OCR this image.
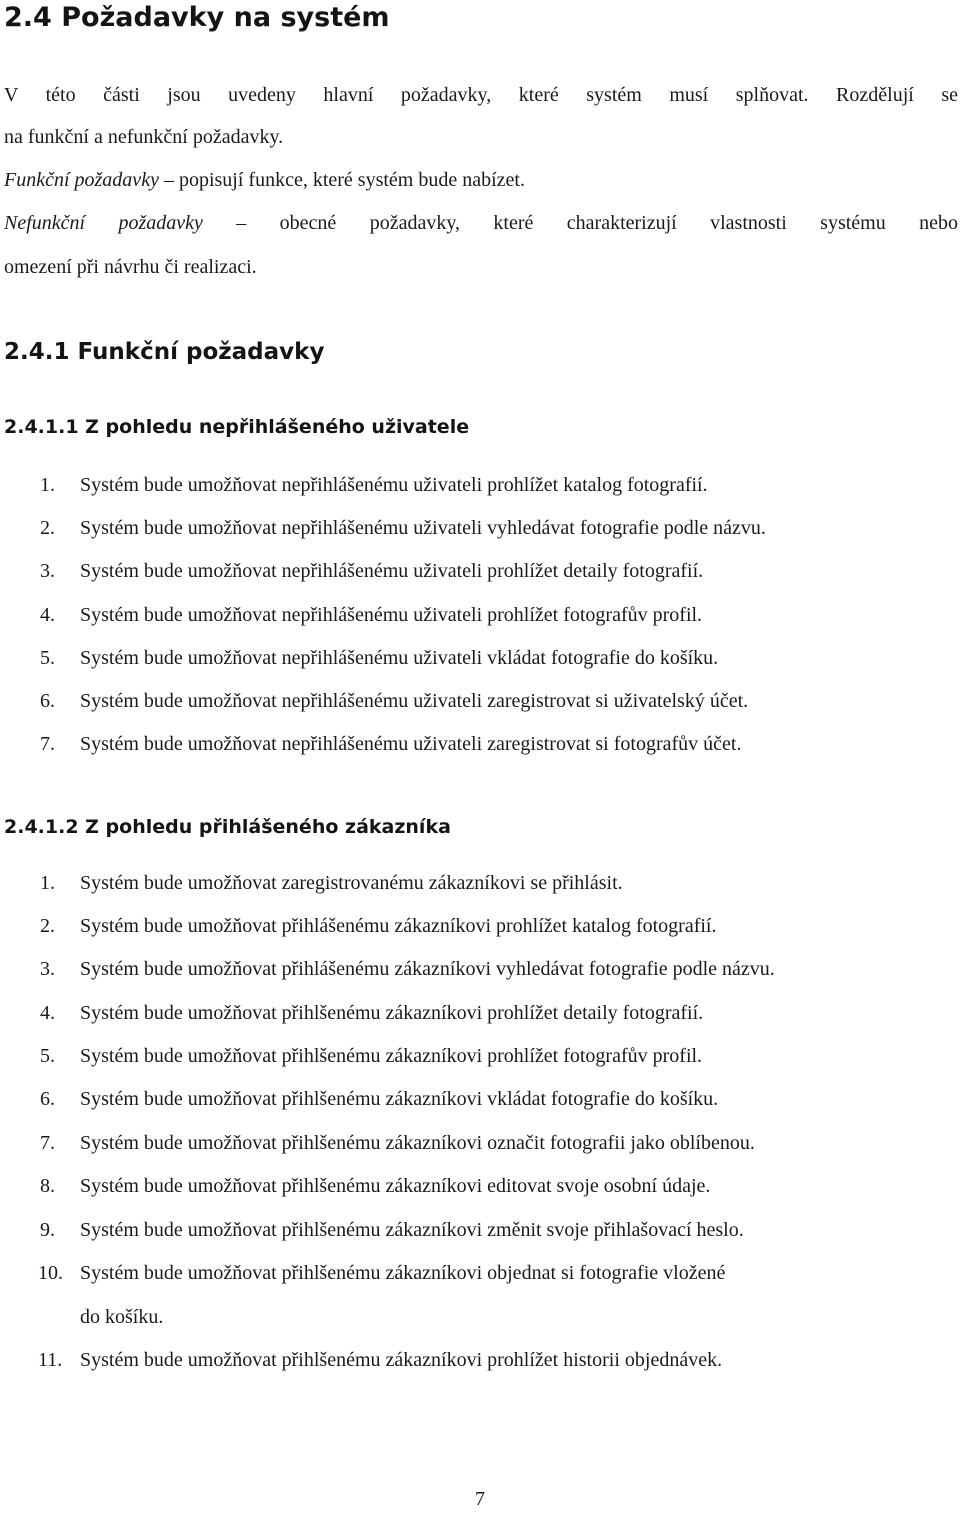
2.4 Požadavky na systém
V této části jsou uvedeny hlavní požadavky, které systém musí splňovat. Rozdělují se
na funkční a nefunkční požadavky.
Funkční požadavky – popisují funkce, které systém bude nabízet.
Nefunkční požadavky – obecné požadavky, které charakterizují vlastnosti systému nebo
omezení při návrhu či realizaci.
2.4.1 Funkční požadavky
2.4.1.1 Z pohledu nepřihlášeného uživatele
1. Systém bude umožňovat nepřihlášenému uživateli prohlížet katalog fotografií.
2. Systém bude umožňovat nepřihlášenému uživateli vyhledávat fotografie podle názvu.
3. Systém bude umožňovat nepřihlášenému uživateli prohlížet detaily fotografií.
4. Systém bude umožňovat nepřihlášenému uživateli prohlížet fotografův profil.
5. Systém bude umožňovat nepřihlášenému uživateli vkládat fotografie do košíku.
6. Systém bude umožňovat nepřihlášenému uživateli zaregistrovat si uživatelský účet.
7. Systém bude umožňovat nepřihlášenému uživateli zaregistrovat si fotografův účet.
2.4.1.2 Z pohledu přihlášeného zákazníka
1. Systém bude umožňovat zaregistrovanému zákazníkovi se přihlásit.
2. Systém bude umožňovat přihlášenému zákazníkovi prohlížet katalog fotografií.
3. Systém bude umožňovat přihlášenému zákazníkovi vyhledávat fotografie podle názvu.
4. Systém bude umožňovat přihlšenému zákazníkovi prohlížet detaily fotografií.
5. Systém bude umožňovat přihlšenému zákazníkovi prohlížet fotografův profil.
6. Systém bude umožňovat přihlšenému zákazníkovi vkládat fotografie do košíku.
7. Systém bude umožňovat přihlšenému zákazníkovi označit fotografii jako oblíbenou.
8. Systém bude umožňovat přihlšenému zákazníkovi editovat svoje osobní údaje.
9. Systém bude umožňovat přihlšenému zákazníkovi změnit svoje přihlašovací heslo.
10. Systém bude umožňovat přihlšenému zákazníkovi objednat si fotografie vložené
do košíku.
11. Systém bude umožňovat přihlšenému zákazníkovi prohlížet historii objednávek.
7
